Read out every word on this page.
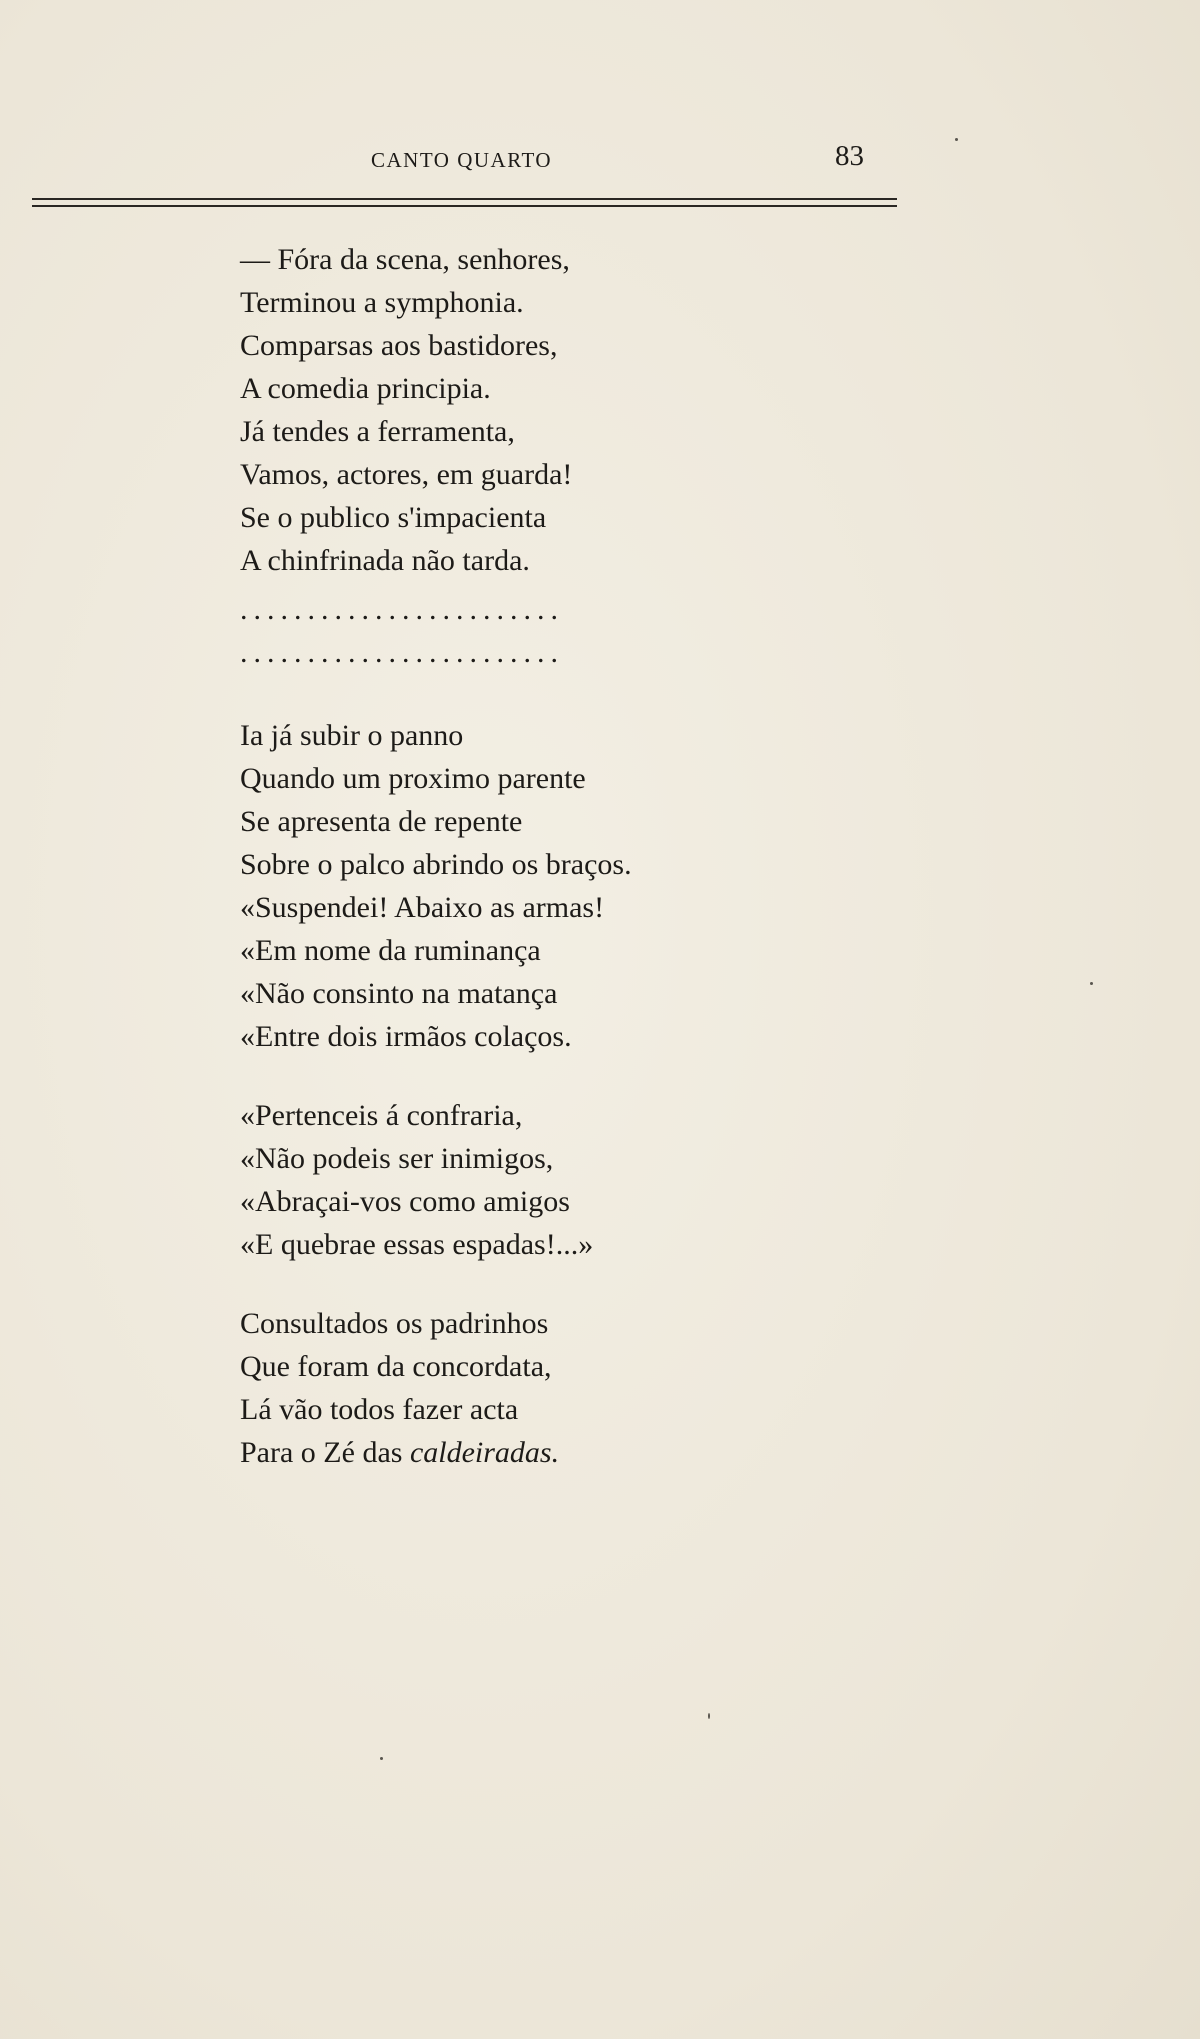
CANTO QUARTO	83
— Fóra da scena, senhores,
Terminou a symphonia.
Comparsas aos bastidores,
A comedia principia.
Já tendes a ferramenta,
Vamos, actores, em guarda!
Se o publico s'impacienta
A chinfrinada não tarda.
........................
........................
Ia já subir o panno
Quando um proximo parente
Se apresenta de repente
Sobre o palco abrindo os braços.
«Suspendei! Abaixo as armas!
«Em nome da ruminança
«Não consinto na matança
«Entre dois irmãos colaços.
«Pertenceis á confraria,
«Não podeis ser inimigos,
«Abraçai-vos como amigos
«E quebrae essas espadas!...»
Consultados os padrinhos
Que foram da concordata,
Lá vão todos fazer acta
Para o Zé das caldeiradas.
